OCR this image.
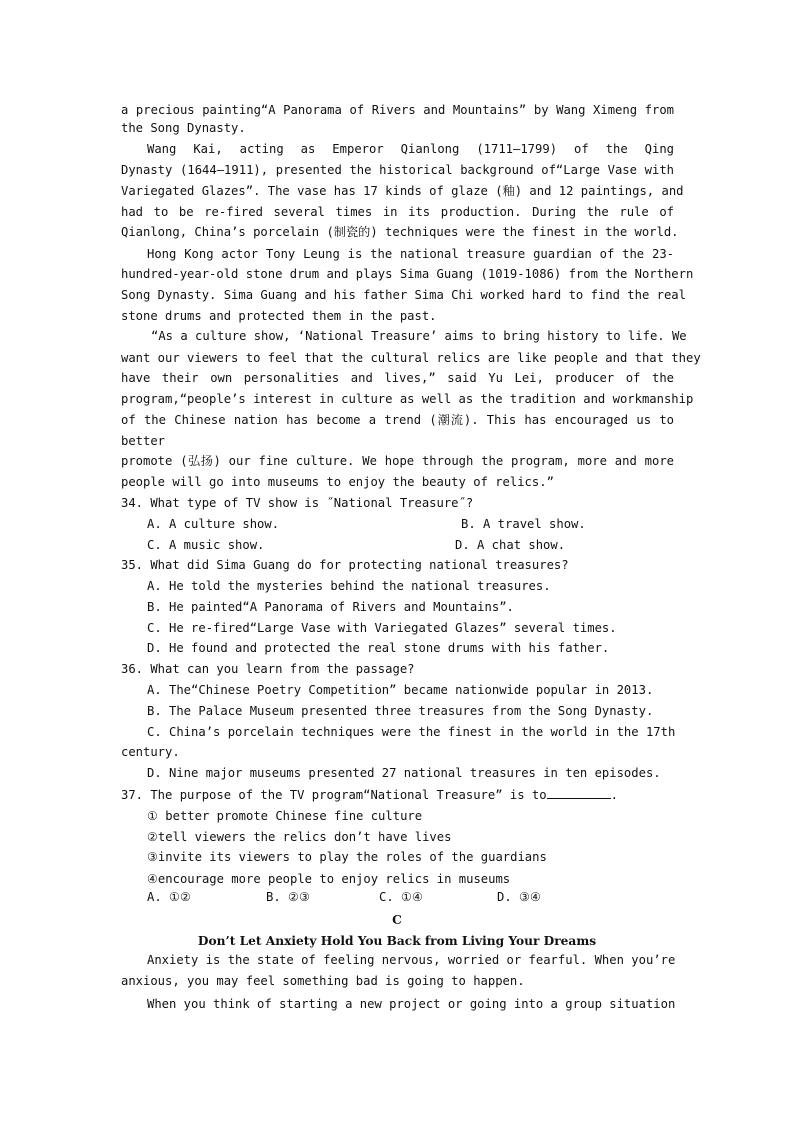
a precious painting“A Panorama of Rivers and Mountains” by Wang Ximeng from
the Song Dynasty.
Wang Kai, acting as Emperor Qianlong (1711—1799) of the Qing
Dynasty (1644—1911), presented the historical background of“Large Vase with
Variegated Glazes”. The vase has 17 kinds of glaze (釉) and 12 paintings, and
had to be re-fired several times in its production. During the rule of
Qianlong, China’s porcelain (制瓷的) techniques were the finest in the world.
Hong Kong actor Tony Leung is the national treasure guardian of the 23-
hundred-year-old stone drum and plays Sima Guang (1019-1086) from the Northern
Song Dynasty. Sima Guang and his father Sima Chi worked hard to find the real
stone drums and protected them in the past.
“As a culture show, ‘National Treasure’ aims to bring history to life. We
want our viewers to feel that the cultural relics are like people and that they
have their own personalities and lives,” said Yu Lei, producer of the
program,“people’s interest in culture as well as the tradition and workmanship
of the Chinese nation has become a trend (潮流). This has encouraged us to
better
promote (弘扬) our fine culture. We hope through the program, more and more
people will go into museums to enjoy the beauty of relics.”
34. What type of TV show is ˝National Treasure˝?
A. A culture show.	B. A travel show.
C. A music show.	D. A chat show.
35. What did Sima Guang do for protecting national treasures?
A. He told the mysteries behind the national treasures.
B. He painted“A Panorama of Rivers and Mountains”.
C. He re-fired“Large Vase with Variegated Glazes” several times.
D. He found and protected the real stone drums with his father.
36. What can you learn from the passage?
A. The“Chinese Poetry Competition” became nationwide popular in 2013.
B. The Palace Museum presented three treasures from the Song Dynasty.
C. China’s porcelain techniques were the finest in the world in the 17th
century.
D. Nine major museums presented 27 national treasures in ten episodes.
37. The purpose of the TV program“National Treasure” is to	.
① better promote Chinese fine culture
②tell viewers the relics don’t have lives
③invite its viewers to play the roles of the guardians
④encourage more people to enjoy relics in museums
A. ①②	B. ②③	C. ①④	D. ③④
C
Don’t Let Anxiety Hold You Back from Living Your Dreams
Anxiety is the state of feeling nervous, worried or fearful. When you’re
anxious, you may feel something bad is going to happen.
When you think of starting a new project or going into a group situation
